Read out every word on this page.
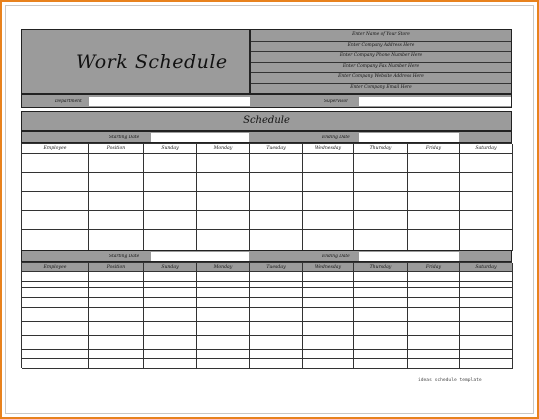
Work Schedule
Enter Name of Your Store
Enter Company Address Here
Enter Company Phone Number Here
Enter Company Fax Number Here
Enter Company Website Address Here
Enter Company Email Here
Department	Supervisor
Schedule
Starting Date	Ending Date
Employee	Position	Sunday	Monday	Tuesday	Wednesday	Thursday	Friday	Saturday
Starting Date	Ending Date
Employee	Position	Sunday	Monday	Tuesday	Wednesday	Thursday	Friday	Saturday
ideas schedule template
